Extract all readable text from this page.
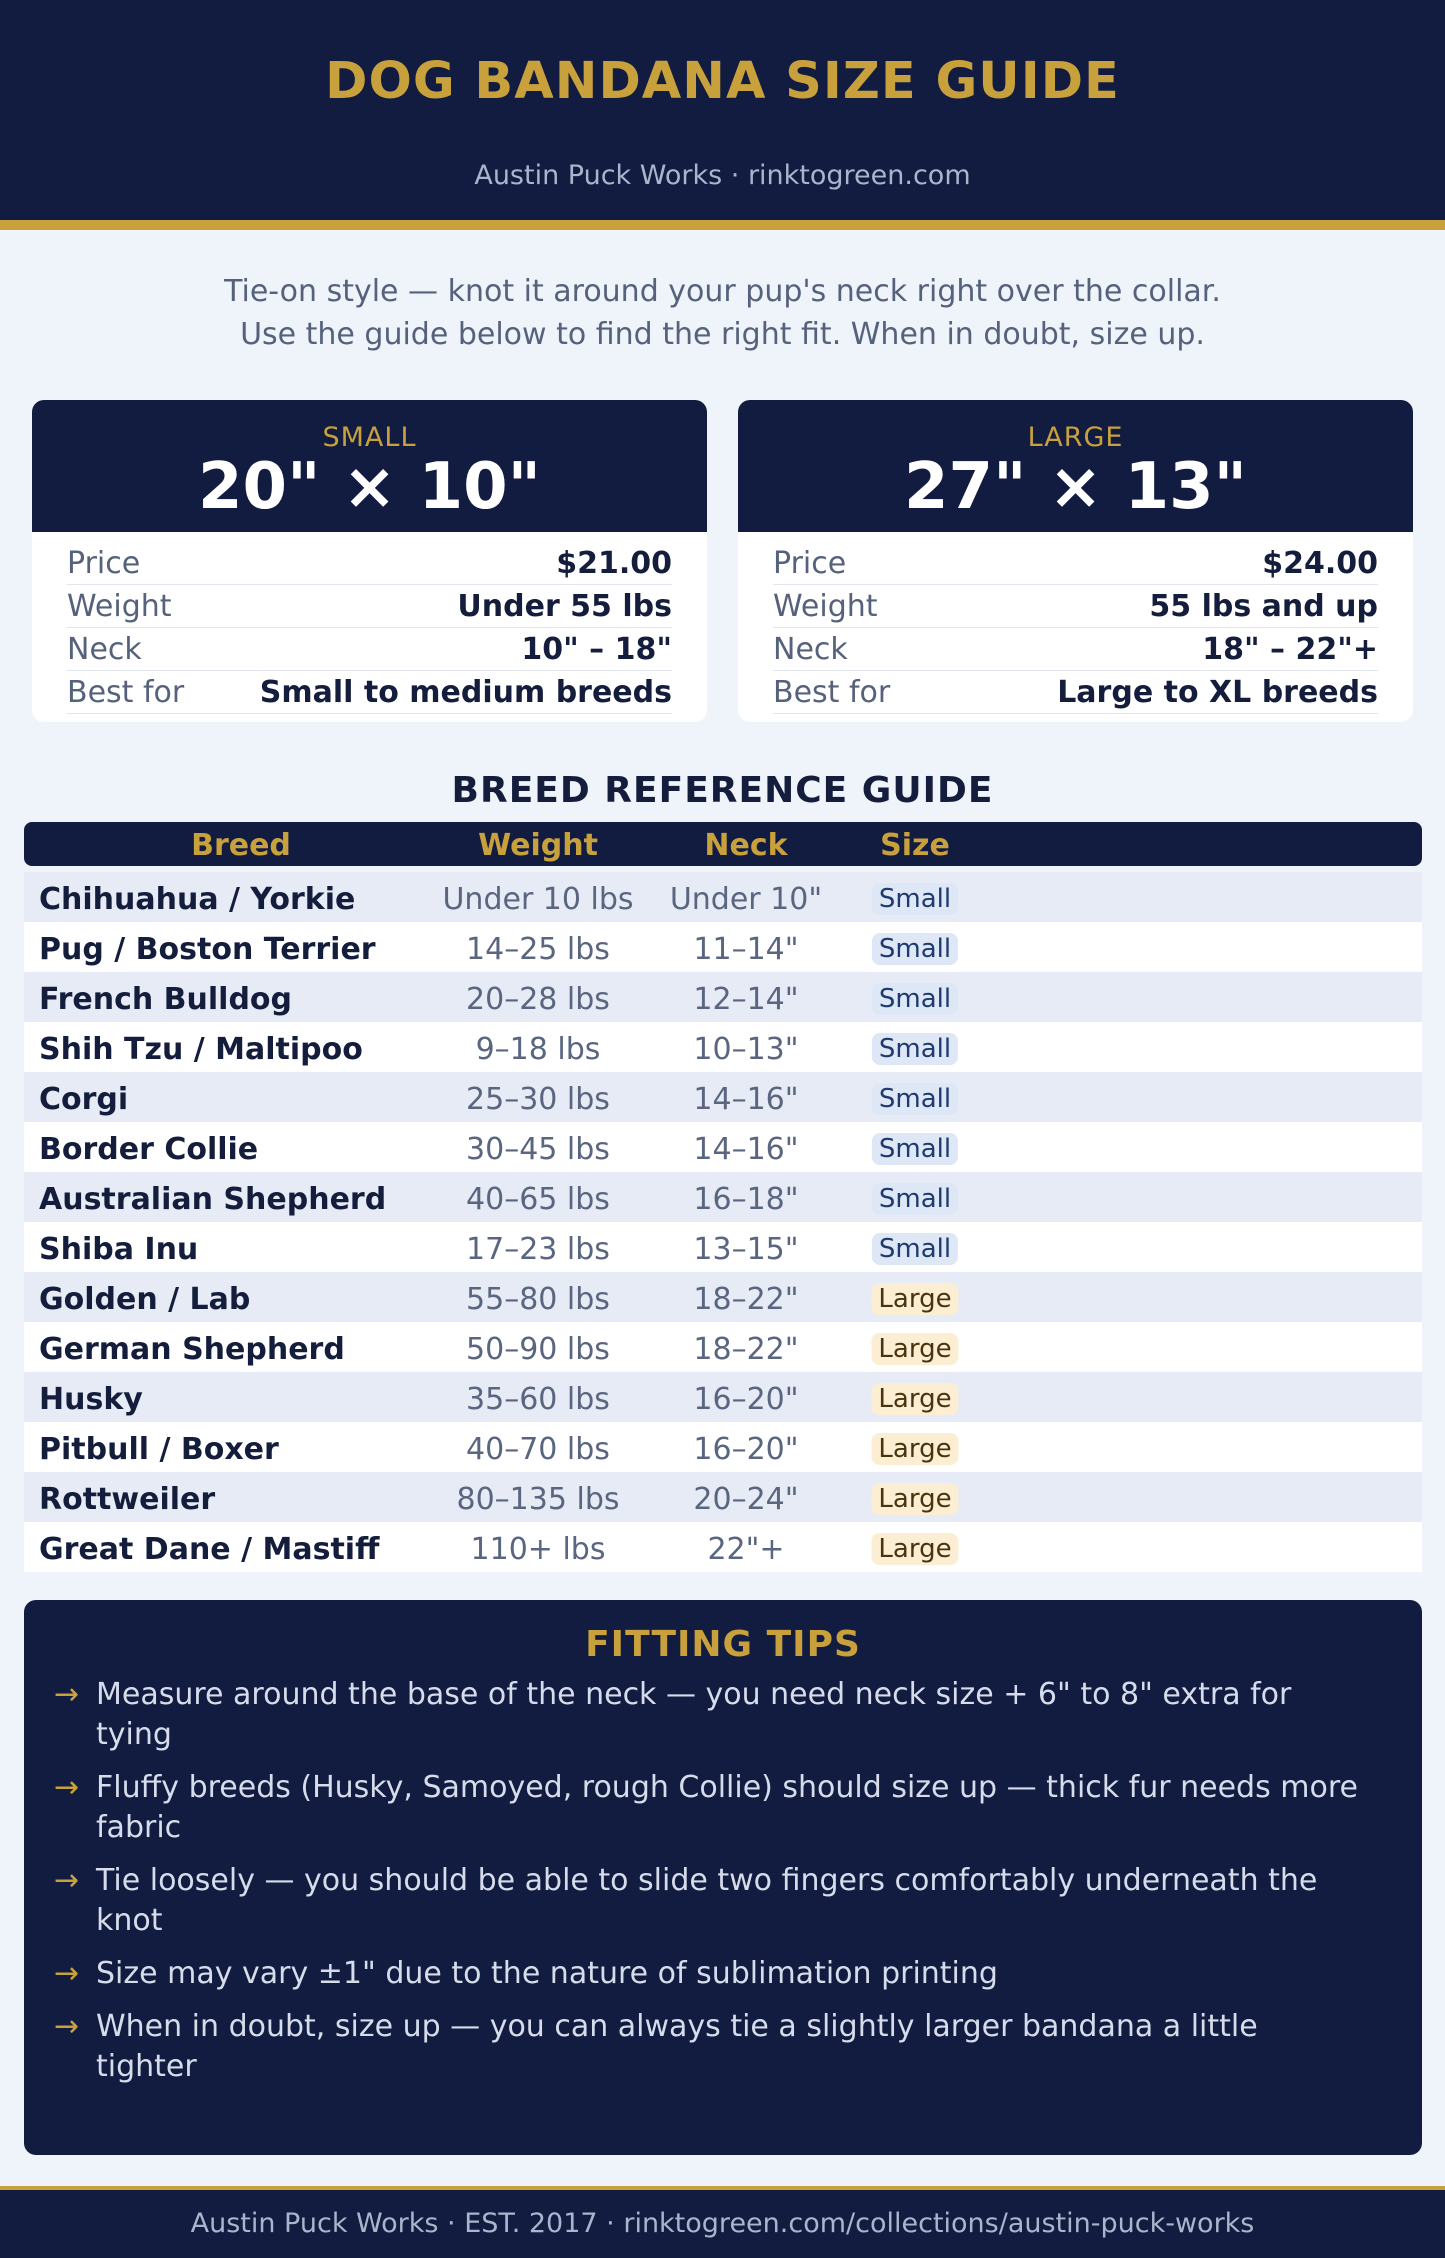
DOG BANDANA SIZE GUIDE
Austin Puck Works · rinktogreen.com
Tie-on style — knot it around your pup's neck right over the collar.
Use the guide below to find the right fit. When in doubt, size up.
SMALL
20" × 10"
Price	$21.00
Weight	Under 55 lbs
Neck	10" – 18"
Best for	Small to medium breeds
LARGE
27" × 13"
Price	$24.00
Weight	55 lbs and up
Neck	18" – 22"+
Best for	Large to XL breeds
BREED REFERENCE GUIDE
Breed	Weight	Neck	Size
Chihuahua / Yorkie	Under 10 lbs Under 10" Small
Pug / Boston Terrier	14–25 lbs	11–14"	Small
French Bulldog	20–28 lbs	12–14"	Small
Shih Tzu / Maltipoo	9–18 lbs	10–13"	Small
Corgi	25–30 lbs	14–16"	Small
Border Collie	30–45 lbs	14–16"	Small
Australian Shepherd	40–65 lbs	16–18"	Small
Shiba Inu	17–23 lbs	13–15"	Small
Golden / Lab	55–80 lbs	18–22"	Large
German Shepherd	50–90 lbs	18–22"	Large
Husky	35–60 lbs	16–20"	Large
Pitbull / Boxer	40–70 lbs	16–20"	Large
Rottweiler	80–135 lbs 20–24"	Large
Great Dane / Mastiff	110+ lbs	22"+	Large
FITTING TIPS
→ Measure around the base of the neck — you need neck size + 6" to 8" extra for tying
→ Fluffy breeds (Husky, Samoyed, rough Collie) should size up — thick fur needs more fabric
→ Tie loosely — you should be able to slide two fingers comfortably underneath the knot
→ Size may vary ±1" due to the nature of sublimation printing
→ When in doubt, size up — you can always tie a slightly larger bandana a little tighter
Austin Puck Works · EST. 2017 · rinktogreen.com/collections/austin-puck-works
